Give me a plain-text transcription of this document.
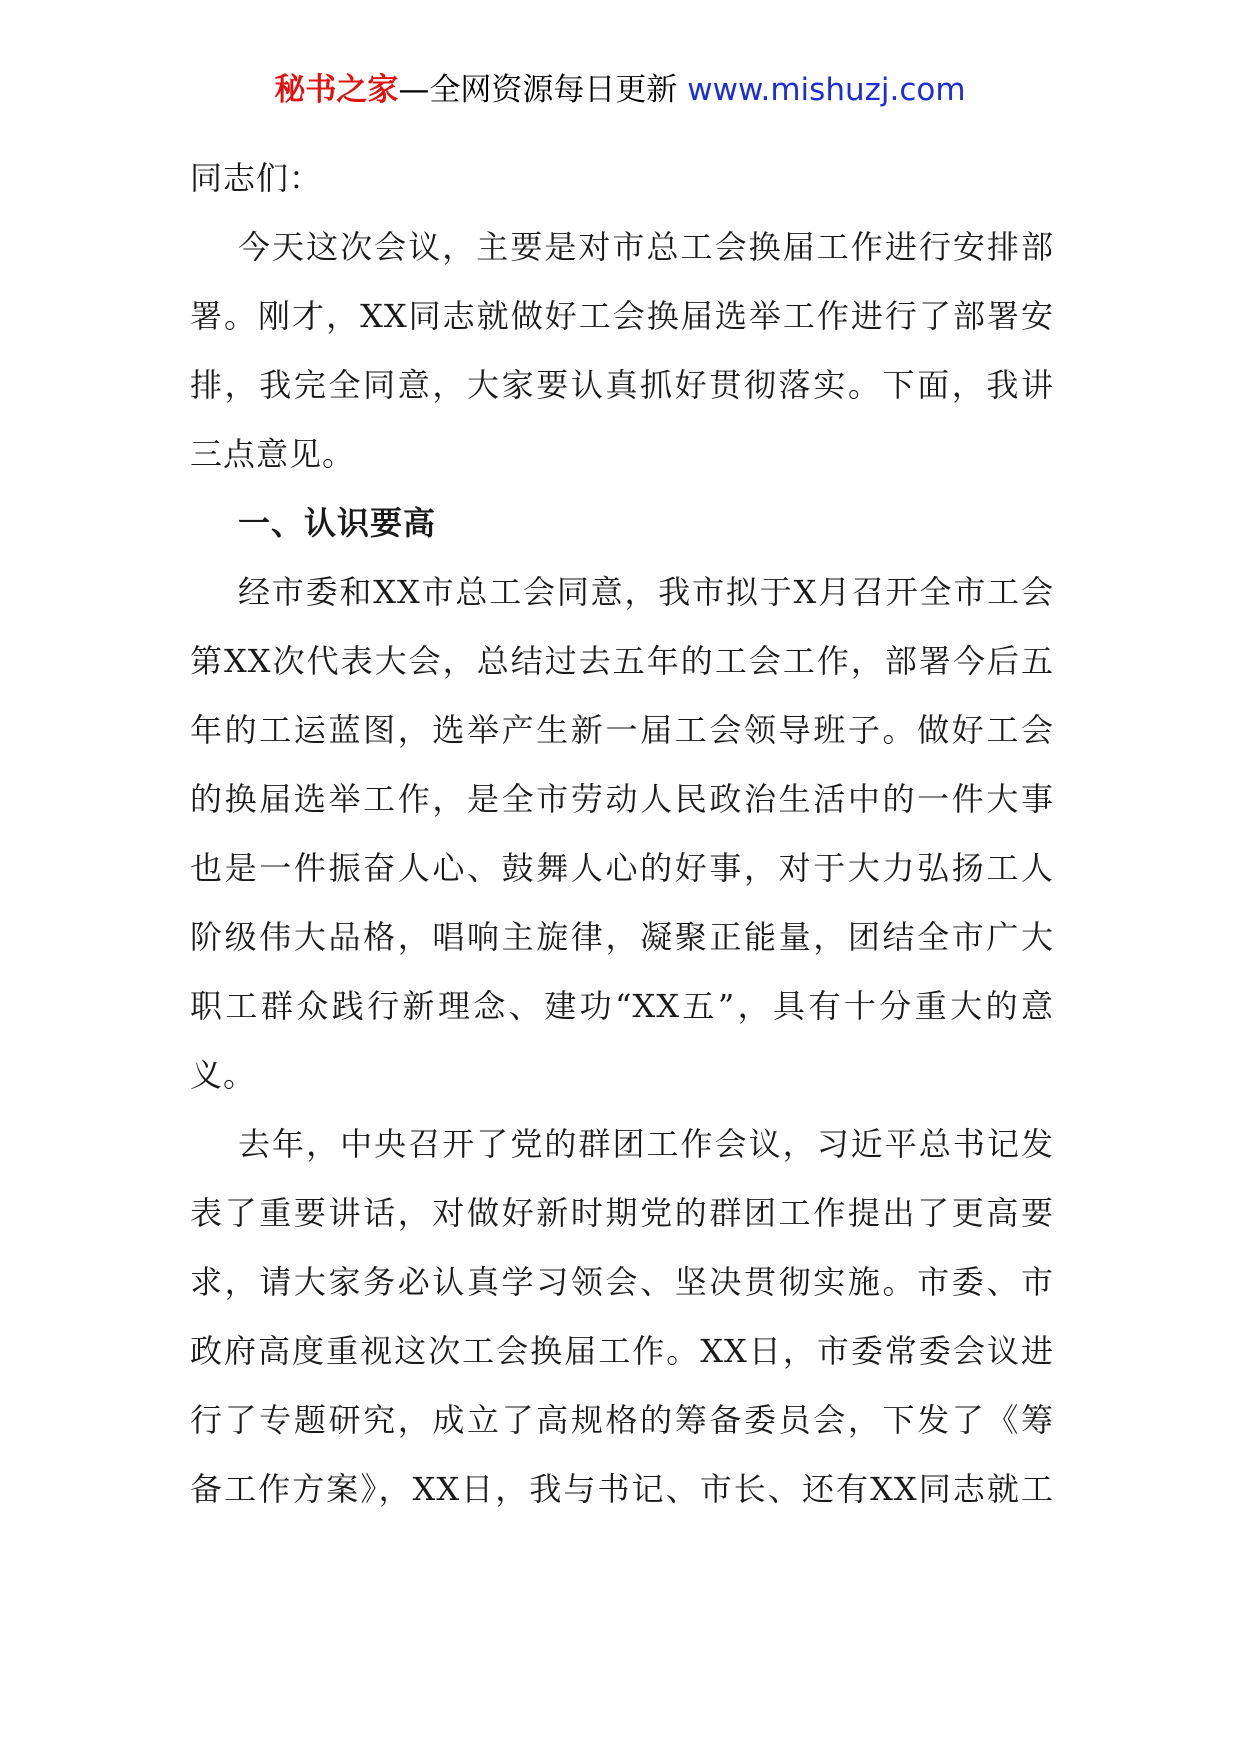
秘书之家—全网资源每日更新 www.mishuzj.com
同志们：
今天这次会议，主要是对市总工会换届工作进行安排部
署。刚才，XX同志就做好工会换届选举工作进行了部署安
排，我完全同意，大家要认真抓好贯彻落实。下面，我讲
三点意见。
一、认识要高
经市委和XX市总工会同意，我市拟于X月召开全市工会
第XX次代表大会，总结过去五年的工会工作，部署今后五
年的工运蓝图，选举产生新一届工会领导班子。做好工会
的换届选举工作，是全市劳动人民政治生活中的一件大事
也是一件振奋人心、鼓舞人心的好事，对于大力弘扬工人
阶级伟大品格，唱响主旋律，凝聚正能量，团结全市广大
职工群众践行新理念、建功“XX五”，具有十分重大的意
义。
去年，中央召开了党的群团工作会议，习近平总书记发
表了重要讲话，对做好新时期党的群团工作提出了更高要
求，请大家务必认真学习领会、坚决贯彻实施。市委、市
政府高度重视这次工会换届工作。XX日，市委常委会议进
行了专题研究，成立了高规格的筹备委员会，下发了《筹
备工作方案》，XX日，我与书记、市长、还有XX同志就工
